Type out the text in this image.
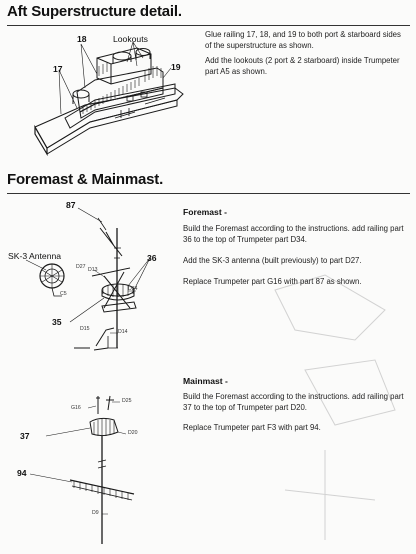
Aft Superstructure detail.

Glue railing 17, 18, and 19 to both port & starboard sides of the superstructure as shown.

Add the lookouts (2 port & 2 starboard) inside Trumpeter part A5 as shown.

18	Lookouts
17	19
Foremast & Mainmast.

Foremast -

Build the Foremast according to the instructions. add railing part 36 to the top of Trumpeter part D34.

Add the SK-3 antenna (built previously) to part D27.

Replace Trumpeter part G16 with part 87 as shown.

87
SK-3 Antenna	36
35
D13
D27
D34
C5
D15	D14

Mainmast -

Build the Foremast according to the instructions. add railing part 37 to the top of Trumpeter part D20.

Replace Trumpeter part F3 with part 94.

37
94
G16
D25
D20
D9
